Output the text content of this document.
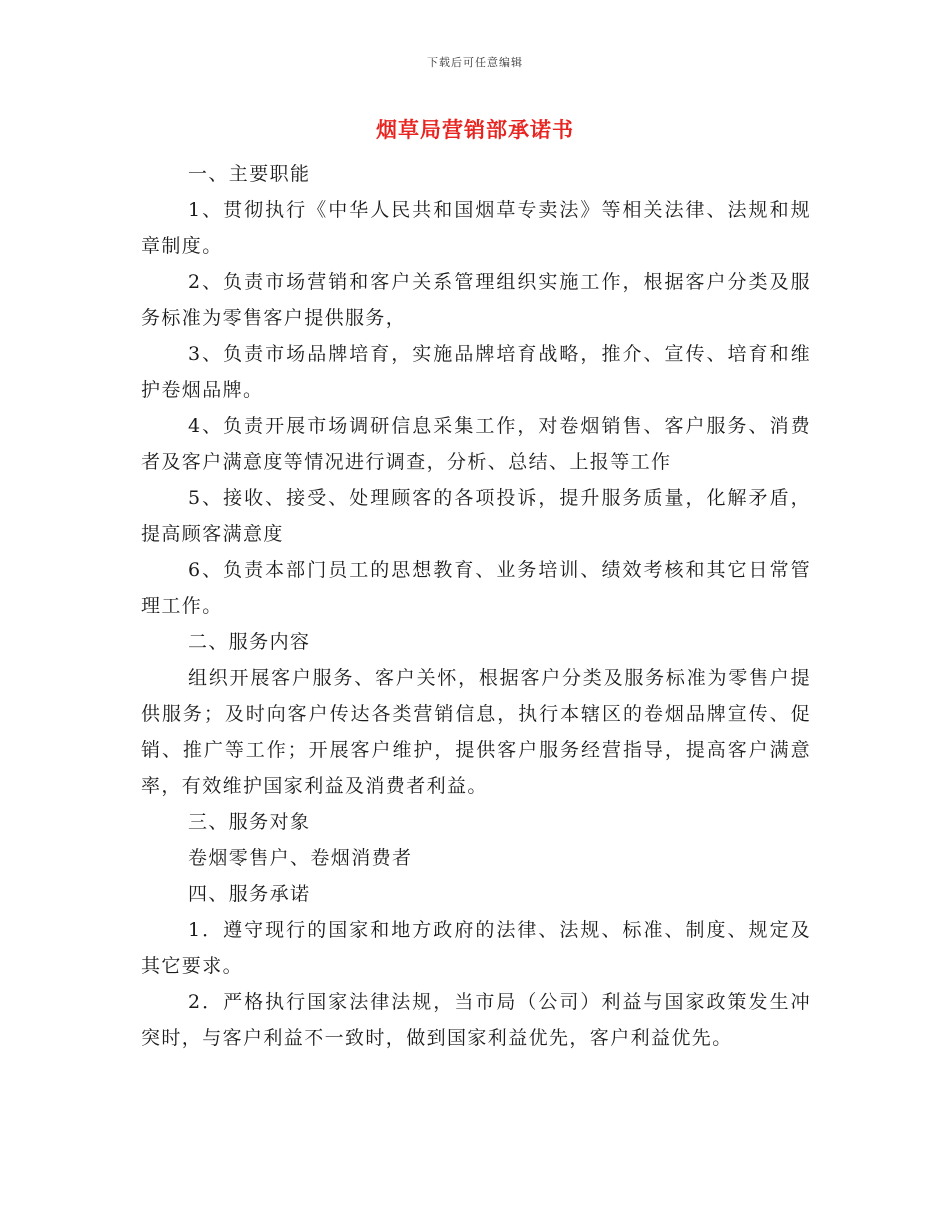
下载后可任意编辑
烟草局营销部承诺书

一、主要职能

1、贯彻执行《中华人民共和国烟草专卖法》等相关法律、法规和规章制度。

2、负责市场营销和客户关系管理组织实施工作，根据客户分类及服务标准为零售客户提供服务，

3、负责市场品牌培育，实施品牌培育战略，推介、宣传、培育和维护卷烟品牌。

4、负责开展市场调研信息采集工作，对卷烟销售、客户服务、消费者及客户满意度等情况进行调查，分析、总结、上报等工作

5、接收、接受、处理顾客的各项投诉，提升服务质量，化解矛盾，提高顾客满意度

6、负责本部门员工的思想教育、业务培训、绩效考核和其它日常管理工作。

二、服务内容

组织开展客户服务、客户关怀，根据客户分类及服务标准为零售户提供服务；及时向客户传达各类营销信息，执行本辖区的卷烟品牌宣传、促销、推广等工作；开展客户维护，提供客户服务经营指导，提高客户满意率，有效维护国家利益及消费者利益。

三、服务对象

卷烟零售户、卷烟消费者

四、服务承诺

1．遵守现行的国家和地方政府的法律、法规、标准、制度、规定及其它要求。

2．严格执行国家法律法规，当市局（公司）利益与国家政策发生冲突时，与客户利益不一致时，做到国家利益优先，客户利益优先。
